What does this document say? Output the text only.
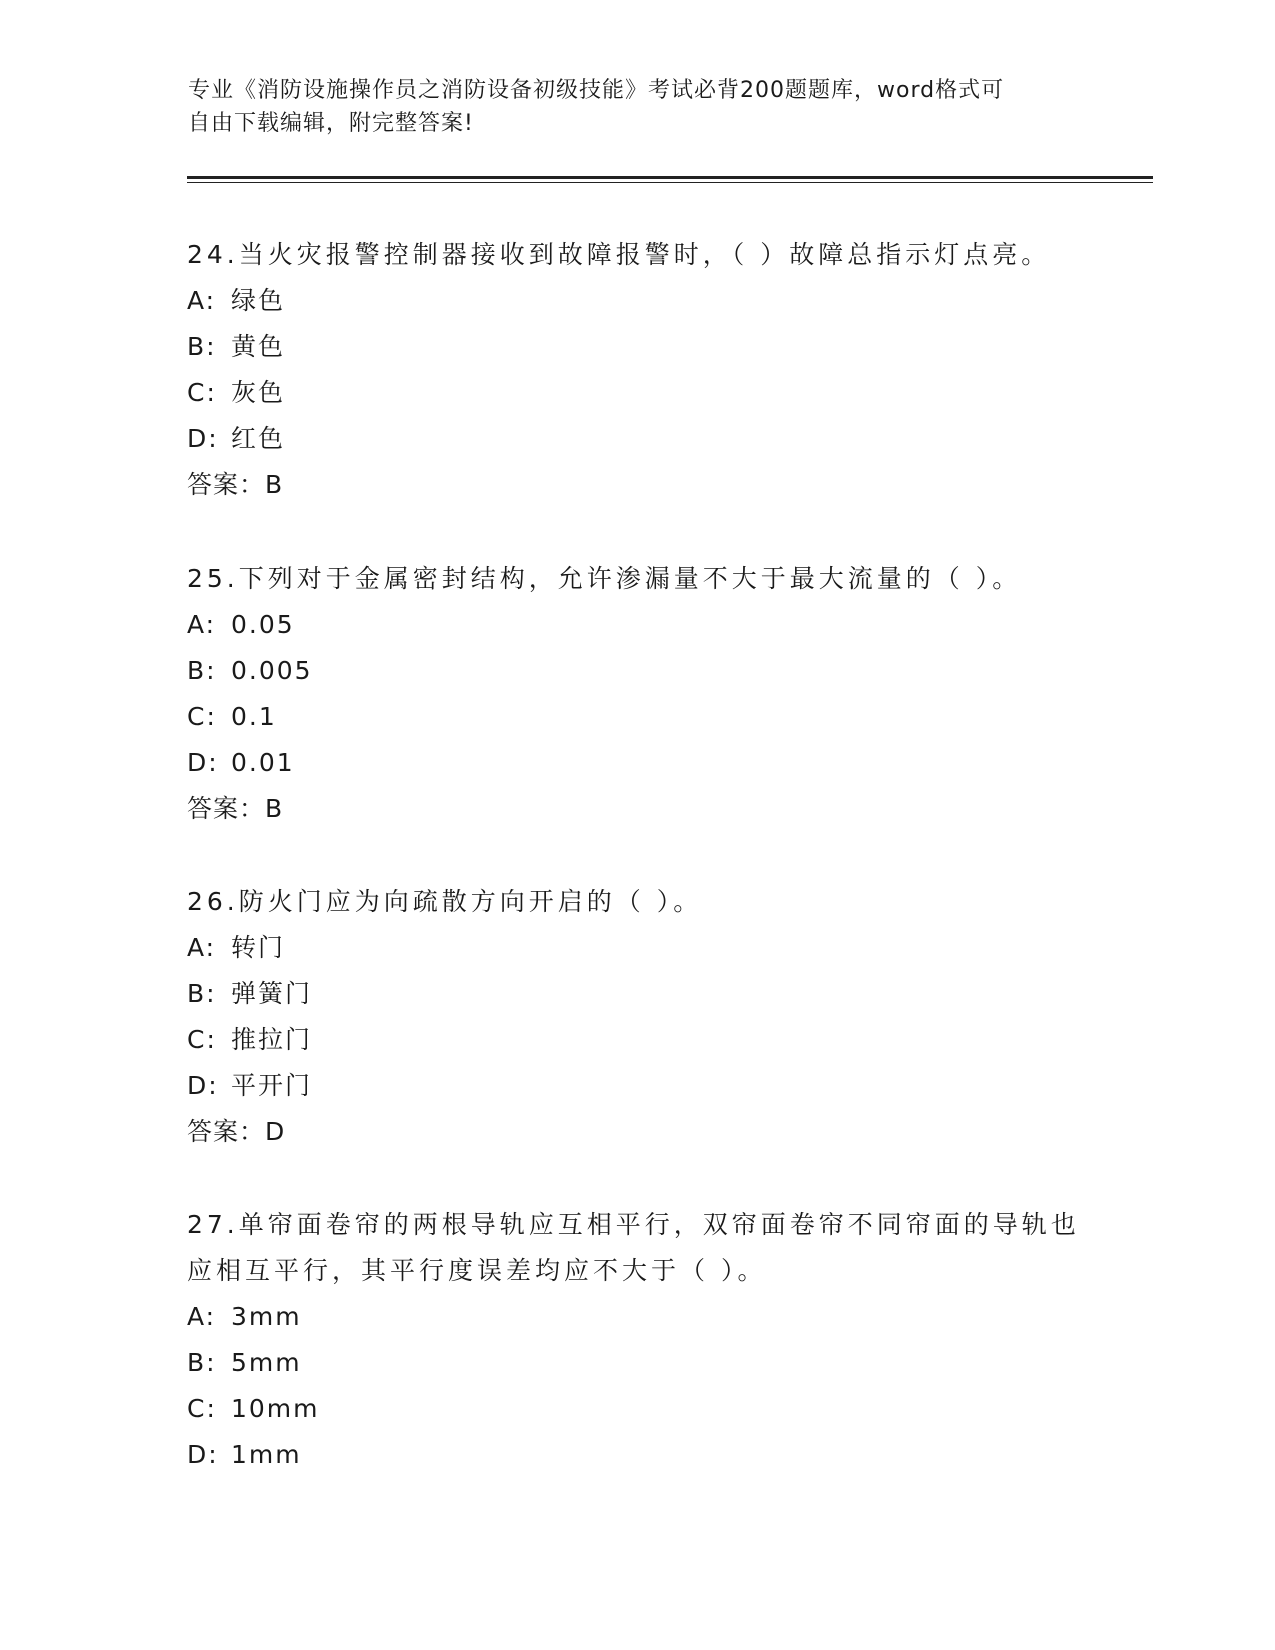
专业《消防设施操作员之消防设备初级技能》考试必背200题题库，word格式可
自由下载编辑，附完整答案!
24.当火灾报警控制器接收到故障报警时，（ ）故障总指示灯点亮。
A: 绿色
B: 黄色
C: 灰色
D: 红色
答案：B
25.下列对于金属密封结构，允许渗漏量不大于最大流量的（ ）。
A: 0.05
B: 0.005
C: 0.1
D: 0.01
答案：B
26.防火门应为向疏散方向开启的（ ）。
A: 转门
B: 弹簧门
C: 推拉门
D: 平开门
答案：D
27.单帘面卷帘的两根导轨应互相平行，双帘面卷帘不同帘面的导轨也
应相互平行，其平行度误差均应不大于（ ）。
A: 3mm
B: 5mm
C: 10mm
D: 1mm
